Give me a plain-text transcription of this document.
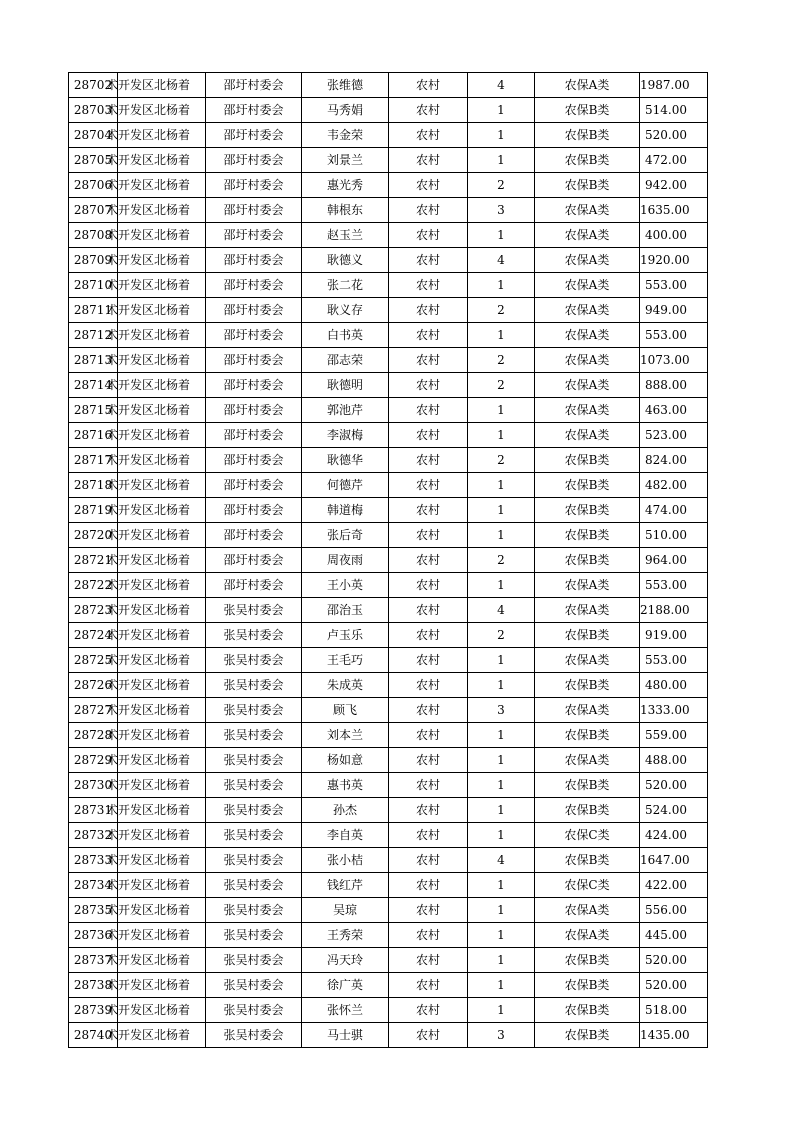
28702	术开发区北杨着	邵圩村委会	张维德	农村	4	农保A类	1987.00
28703	术开发区北杨着	邵圩村委会	马秀娟	农村	1	农保B类	514.00
28704	术开发区北杨着	邵圩村委会	韦金荣	农村	1	农保B类	520.00
28705	术开发区北杨着	邵圩村委会	刘景兰	农村	1	农保B类	472.00
28706	术开发区北杨着	邵圩村委会	惠光秀	农村	2	农保B类	942.00
28707	术开发区北杨着	邵圩村委会	韩根东	农村	3	农保A类	1635.00
28708	术开发区北杨着	邵圩村委会	赵玉兰	农村	1	农保A类	400.00
28709	术开发区北杨着	邵圩村委会	耿德义	农村	4	农保A类	1920.00
28710	术开发区北杨着	邵圩村委会	张二花	农村	1	农保A类	553.00
28711	术开发区北杨着	邵圩村委会	耿义存	农村	2	农保A类	949.00
28712	术开发区北杨着	邵圩村委会	白书英	农村	1	农保A类	553.00
28713	术开发区北杨着	邵圩村委会	邵志荣	农村	2	农保A类	1073.00
28714	术开发区北杨着	邵圩村委会	耿德明	农村	2	农保A类	888.00
28715	术开发区北杨着	邵圩村委会	郭池芹	农村	1	农保A类	463.00
28716	术开发区北杨着	邵圩村委会	李淑梅	农村	1	农保A类	523.00
28717	术开发区北杨着	邵圩村委会	耿德华	农村	2	农保B类	824.00
28718	术开发区北杨着	邵圩村委会	何德芹	农村	1	农保B类	482.00
28719	术开发区北杨着	邵圩村委会	韩道梅	农村	1	农保B类	474.00
28720	术开发区北杨着	邵圩村委会	张后奇	农村	1	农保B类	510.00
28721	术开发区北杨着	邵圩村委会	周夜雨	农村	2	农保B类	964.00
28722	术开发区北杨着	邵圩村委会	王小英	农村	1	农保A类	553.00
28723	术开发区北杨着	张吴村委会	邵治玉	农村	4	农保A类	2188.00
28724	术开发区北杨着	张吴村委会	卢玉乐	农村	2	农保B类	919.00
28725	术开发区北杨着	张吴村委会	王毛巧	农村	1	农保A类	553.00
28726	术开发区北杨着	张吴村委会	朱成英	农村	1	农保B类	480.00
28727	术开发区北杨着	张吴村委会	顾飞	农村	3	农保A类	1333.00
28728	术开发区北杨着	张吴村委会	刘本兰	农村	1	农保B类	559.00
28729	术开发区北杨着	张吴村委会	杨如意	农村	1	农保A类	488.00
28730	术开发区北杨着	张吴村委会	惠书英	农村	1	农保B类	520.00
28731	术开发区北杨着	张吴村委会	孙杰	农村	1	农保B类	524.00
28732	术开发区北杨着	张吴村委会	李自英	农村	1	农保C类	424.00
28733	术开发区北杨着	张吴村委会	张小桔	农村	4	农保B类	1647.00
28734	术开发区北杨着	张吴村委会	钱红芹	农村	1	农保C类	422.00
28735	术开发区北杨着	张吴村委会	吴琼	农村	1	农保A类	556.00
28736	术开发区北杨着	张吴村委会	王秀荣	农村	1	农保A类	445.00
28737	术开发区北杨着	张吴村委会	冯天玲	农村	1	农保B类	520.00
28738	术开发区北杨着	张吴村委会	徐广英	农村	1	农保B类	520.00
28739	术开发区北杨着	张吴村委会	张怀兰	农村	1	农保B类	518.00
28740	术开发区北杨着	张吴村委会	马士骐	农村	3	农保B类	1435.00
